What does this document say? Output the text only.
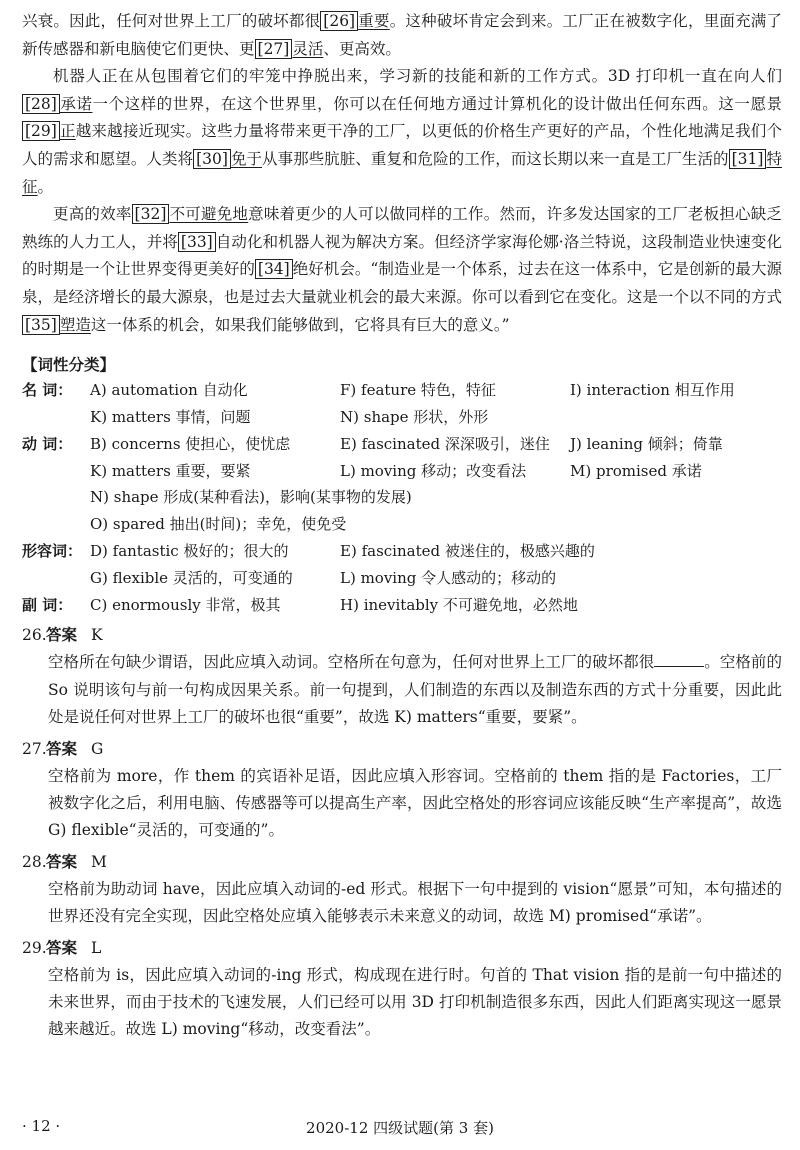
兴衰。因此，任何对世界上工厂的破坏都很 [26] 重要。这种破坏肯定会到来。工厂正在被数字化，里面充满了新传感器和新电脑使它们更快、更 [27] 灵活、更高效。

机器人正在从包围着它们的牢笼中挣脱出来，学习新的技能和新的工作方式。3D 打印机一直在向人们[28] 承诺一个这样的世界，在这个世界里，你可以在任何地方通过计算机化的设计做出任何东西。这一愿景[29] 正越来越接近现实。这些力量将带来更干净的工厂，以更低的价格生产更好的产品，个性化地满足我们个人的需求和愿望。人类将 [30] 免于从事那些肮脏、重复和危险的工作，而这长期以来一直是工厂生活的 [31] 特征。

更高的效率 [32] 不可避免地意味着更少的人可以做同样的工作。然而，许多发达国家的工厂老板担心缺乏熟练的人力工人，并将 [33] 自动化和机器人视为解决方案。但经济学家海伦娜·洛兰特说，这段制造业快速变化的时期是一个让世界变得更美好的 [34] 绝好机会。“制造业是一个体系，过去在这一体系中，它是创新的最大源泉，是经济增长的最大源泉，也是过去大量就业机会的最大来源。你可以看到它在变化。这是一个以不同的方式[35] 塑造这一体系的机会，如果我们能够做到，它将具有巨大的意义。”

【词性分类】
名 词： A) automation 自动化	F) feature 特色，特征	I) interaction 相互作用
K) matters 事情，问题	N) shape 形状，外形
动 词： B) concerns 使担心，使忧虑	E) fascinated 深深吸引，迷住 J) leaning 倾斜；倚靠
K) matters 重要，要紧	L) moving 移动；改变看法	M) promised 承诺
N) shape 形成(某种看法)，影响(某事物的发展)
O) spared 抽出(时间)；幸免，使免受
形容词： D) fantastic 极好的；很大的	E) fascinated 被迷住的，极感兴趣的
G) flexible 灵活的，可变通的	L) moving 令人感动的；移动的
副 词： C) enormously 非常，极其	H) inevitably 不可避免地，必然地
26.答案 K

空格所在句缺少谓语，因此应填入动词。空格所在句意为，任何对世界上工厂的破坏都很	。空格前的 So 说明该句与前一句构成因果关系。前一句提到，人们制造的东西以及制造东西的方式十分重要，因此此处是说任何对世界上工厂的破坏也很“重要”，故选 K) matters“重要，要紧”。

27.答案 G

空格前为 more，作 them 的宾语补足语，因此应填入形容词。空格前的 them 指的是 Factories，工厂被数字化之后，利用电脑、传感器等可以提高生产率，因此空格处的形容词应该能反映“生产率提高”，故选 G) flexible“灵活的，可变通的”。

28.答案 M

空格前为助动词 have，因此应填入动词的-ed 形式。根据下一句中提到的 vision“愿景”可知，本句描述的世界还没有完全实现，因此空格处应填入能够表示未来意义的动词，故选 M) promised“承诺”。

29.答案 L

空格前为 is，因此应填入动词的-ing 形式，构成现在进行时。句首的 That vision 指的是前一句中描述的未来世界，而由于技术的飞速发展，人们已经可以用 3D 打印机制造很多东西，因此人们距离实现这一愿景越来越近。故选 L) moving“移动，改变看法”。

· 12 ·	2020-12 四级试题(第 3 套)
